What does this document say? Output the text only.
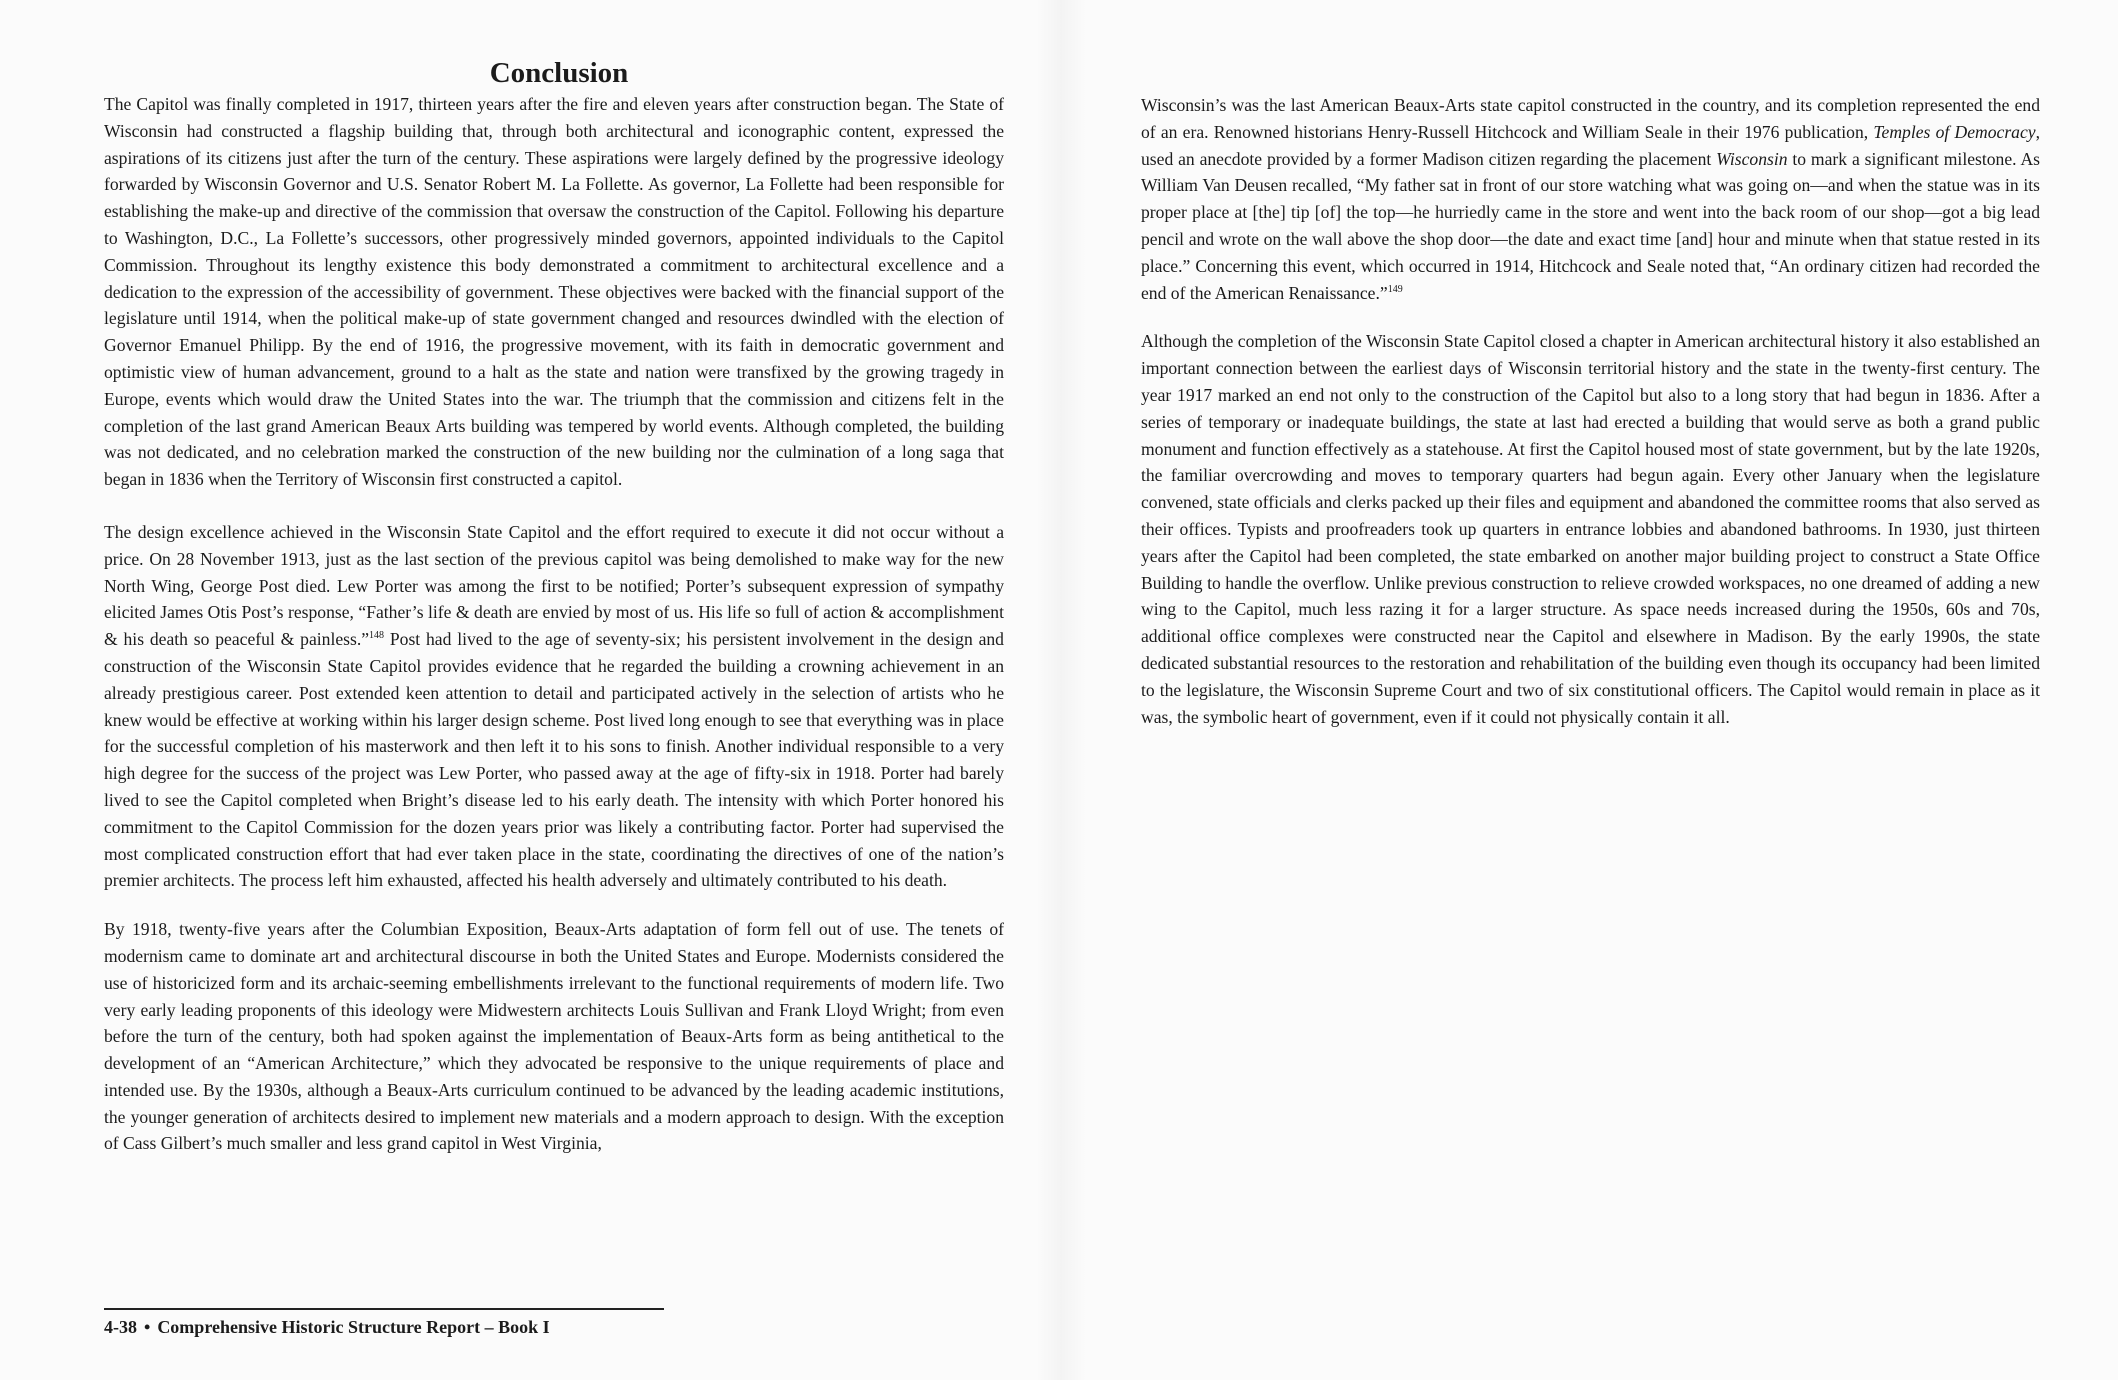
Conclusion

The Capitol was finally completed in 1917, thirteen years after the fire and eleven years after construction began. The State of Wisconsin had constructed a flagship building that, through both architectural and iconographic content, expressed the aspirations of its citizens just after the turn of the century. These aspirations were largely defined by the progressive ideology forwarded by Wisconsin Governor and U.S. Senator Robert M. La Follette. As governor, La Follette had been responsible for establishing the make-up and directive of the commission that oversaw the construction of the Capitol. Following his departure to Washington, D.C., La Follette’s successors, other progressively minded governors, appointed individuals to the Capitol Commission. Throughout its lengthy existence this body demonstrated a commitment to architectural excellence and a dedication to the expression of the accessibility of government. These objectives were backed with the financial support of the legislature until 1914, when the political make-up of state government changed and resources dwindled with the election of Governor Emanuel Philipp. By the end of 1916, the progressive movement, with its faith in democratic government and optimistic view of human advancement, ground to a halt as the state and nation were transfixed by the growing tragedy in Europe, events which would draw the United States into the war. The triumph that the commission and citizens felt in the completion of the last grand American Beaux Arts building was tempered by world events. Although completed, the building was not dedicated, and no celebration marked the construction of the new building nor the culmination of a long saga that began in 1836 when the Territory of Wisconsin first constructed a capitol.

The design excellence achieved in the Wisconsin State Capitol and the effort required to execute it did not occur without a price. On 28 November 1913, just as the last section of the previous capitol was being demolished to make way for the new North Wing, George Post died. Lew Porter was among the first to be notified; Porter’s subsequent expression of sympathy elicited James Otis Post’s response, “Father’s life & death are envied by most of us. His life so full of action & accomplishment & his death so peaceful & painless.”$^{148}$ Post had lived to the age of seventy-six; his persistent involvement in the design and construction of the Wisconsin State Capitol provides evidence that he regarded the building a crowning achievement in an already prestigious career. Post extended keen attention to detail and participated actively in the selection of artists who he knew would be effective at working within his larger design scheme. Post lived long enough to see that everything was in place for the successful completion of his masterwork and then left it to his sons to finish. Another individual responsible to a very high degree for the success of the project was Lew Porter, who passed away at the age of fifty-six in 1918. Porter had barely lived to see the Capitol completed when Bright’s disease led to his early death. The intensity with which Porter honored his commitment to the Capitol Commission for the dozen years prior was likely a contributing factor. Porter had supervised the most complicated construction effort that had ever taken place in the state, coordinating the directives of one of the nation’s premier architects. The process left him exhausted, affected his health adversely and ultimately contributed to his death.

By 1918, twenty-five years after the Columbian Exposition, Beaux-Arts adaptation of form fell out of use. The tenets of modernism came to dominate art and architectural discourse in both the United States and Europe. Modernists considered the use of historicized form and its archaic-seeming embellishments irrelevant to the functional requirements of modern life. Two very early leading proponents of this ideology were Midwestern architects Louis Sullivan and Frank Lloyd Wright; from even before the turn of the century, both had spoken against the implementation of Beaux-Arts form as being antithetical to the development of an “American Architecture,” which they advocated be responsive to the unique requirements of place and intended use. By the 1930s, although a Beaux-Arts curriculum continued to be advanced by the leading academic institutions, the younger generation of architects desired to implement new materials and a modern approach to design. With the exception of Cass Gilbert’s much smaller and less grand capitol in West Virginia,

Wisconsin’s was the last American Beaux-Arts state capitol constructed in the country, and its completion represented the end of an era. Renowned historians Henry-Russell Hitchcock and William Seale in their 1976 publication, Temples of Democracy, used an anecdote provided by a former Madison citizen regarding the placement Wisconsin to mark a significant milestone. As William Van Deusen recalled, “My father sat in front of our store watching what was going on—and when the statue was in its proper place at [the] tip [of] the top—he hurriedly came in the store and went into the back room of our shop—got a big lead pencil and wrote on the wall above the shop door—the date and exact time [and] hour and minute when that statue rested in its place.” Concerning this event, which occurred in 1914, Hitchcock and Seale noted that, “An ordinary citizen had recorded the end of the American Renaissance.”$^{149}$

Although the completion of the Wisconsin State Capitol closed a chapter in American architectural history it also established an important connection between the earliest days of Wisconsin territorial history and the state in the twenty-first century. The year 1917 marked an end not only to the construction of the Capitol but also to a long story that had begun in 1836. After a series of temporary or inadequate buildings, the state at last had erected a building that would serve as both a grand public monument and function effectively as a statehouse. At first the Capitol housed most of state government, but by the late 1920s, the familiar overcrowding and moves to temporary quarters had begun again. Every other January when the legislature convened, state officials and clerks packed up their files and equipment and abandoned the committee rooms that also served as their offices. Typists and proofreaders took up quarters in entrance lobbies and abandoned bathrooms. In 1930, just thirteen years after the Capitol had been completed, the state embarked on another major building project to construct a State Office Building to handle the overflow. Unlike previous construction to relieve crowded workspaces, no one dreamed of adding a new wing to the Capitol, much less razing it for a larger structure. As space needs increased during the 1950s, 60s and 70s, additional office complexes were constructed near the Capitol and elsewhere in Madison. By the early 1990s, the state dedicated substantial resources to the restoration and rehabilitation of the building even though its occupancy had been limited to the legislature, the Wisconsin Supreme Court and two of six constitutional officers. The Capitol would remain in place as it was, the symbolic heart of government, even if it could not physically contain it all.

4-38 • Comprehensive Historic Structure Report – Book I
